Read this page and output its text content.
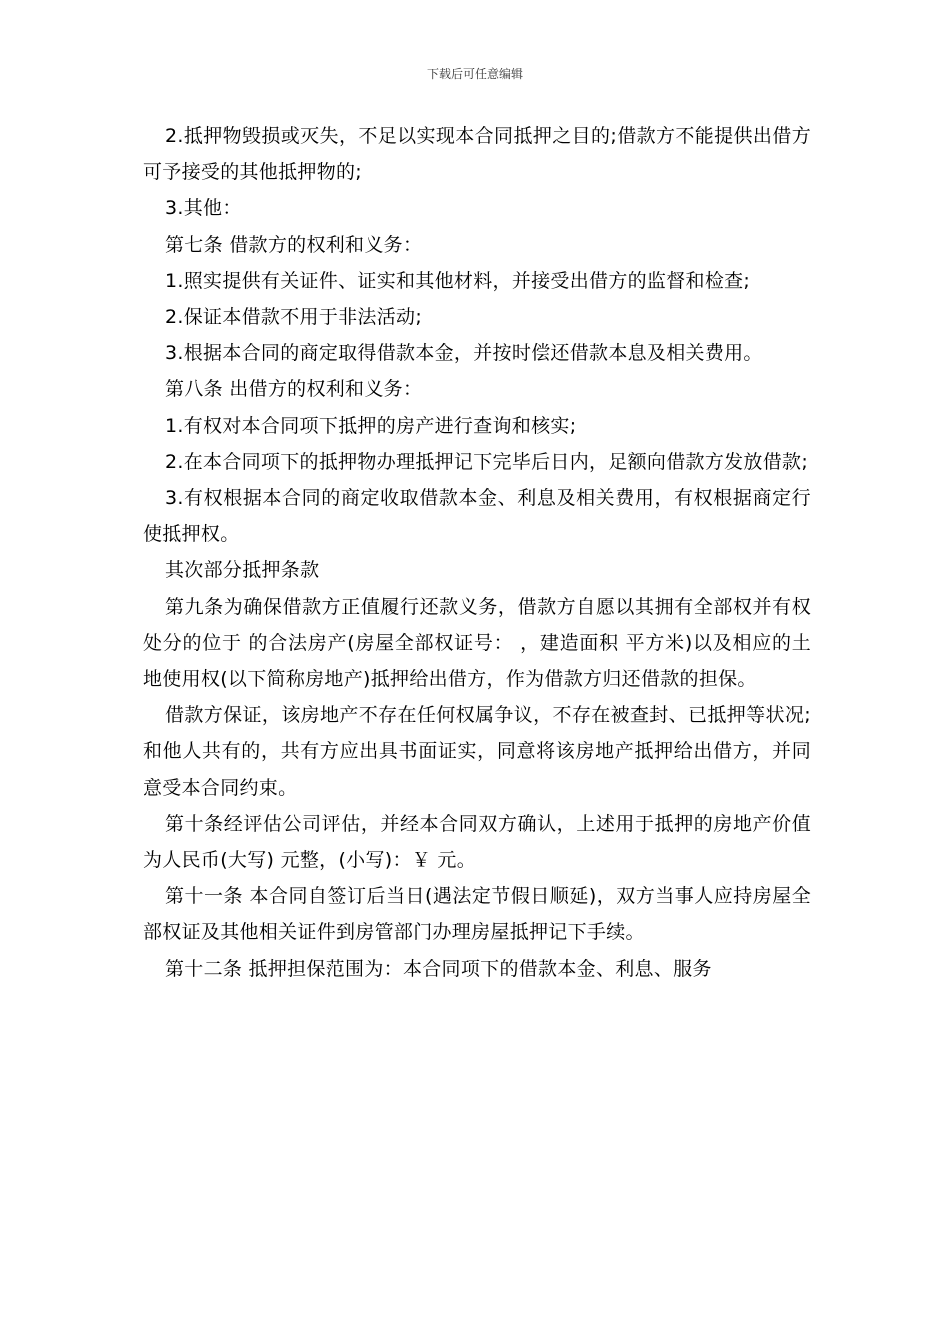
下载后可任意编辑

2.抵押物毁损或灭失，不足以实现本合同抵押之目的;借款方不能提供出借方可予接受的其他抵押物的;

3.其他：

第七条 借款方的权利和义务：

1.照实提供有关证件、证实和其他材料，并接受出借方的监督和检查;

2.保证本借款不用于非法活动;

3.根据本合同的商定取得借款本金，并按时偿还借款本息及相关费用。

第八条 出借方的权利和义务：

1.有权对本合同项下抵押的房产进行查询和核实;

2.在本合同项下的抵押物办理抵押记下完毕后日内，足额向借款方发放借款;

3.有权根据本合同的商定收取借款本金、利息及相关费用，有权根据商定行使抵押权。

其次部分抵押条款

第九条为确保借款方正值履行还款义务，借款方自愿以其拥有全部权并有权处分的位于 的合法房产(房屋全部权证号： ，建造面积 平方米)以及相应的土地使用权(以下简称房地产)抵押给出借方，作为借款方归还借款的担保。

借款方保证，该房地产不存在任何权属争议，不存在被查封、已抵押等状况;和他人共有的，共有方应出具书面证实，同意将该房地产抵押给出借方，并同意受本合同约束。

第十条经评估公司评估，并经本合同双方确认，上述用于抵押的房地产价值为人民币(大写) 元整，(小写)：￥ 元。

第十一条 本合同自签订后当日(遇法定节假日顺延)，双方当事人应持房屋全部权证及其他相关证件到房管部门办理房屋抵押记下手续。

第十二条 抵押担保范围为：本合同项下的借款本金、利息、服务
